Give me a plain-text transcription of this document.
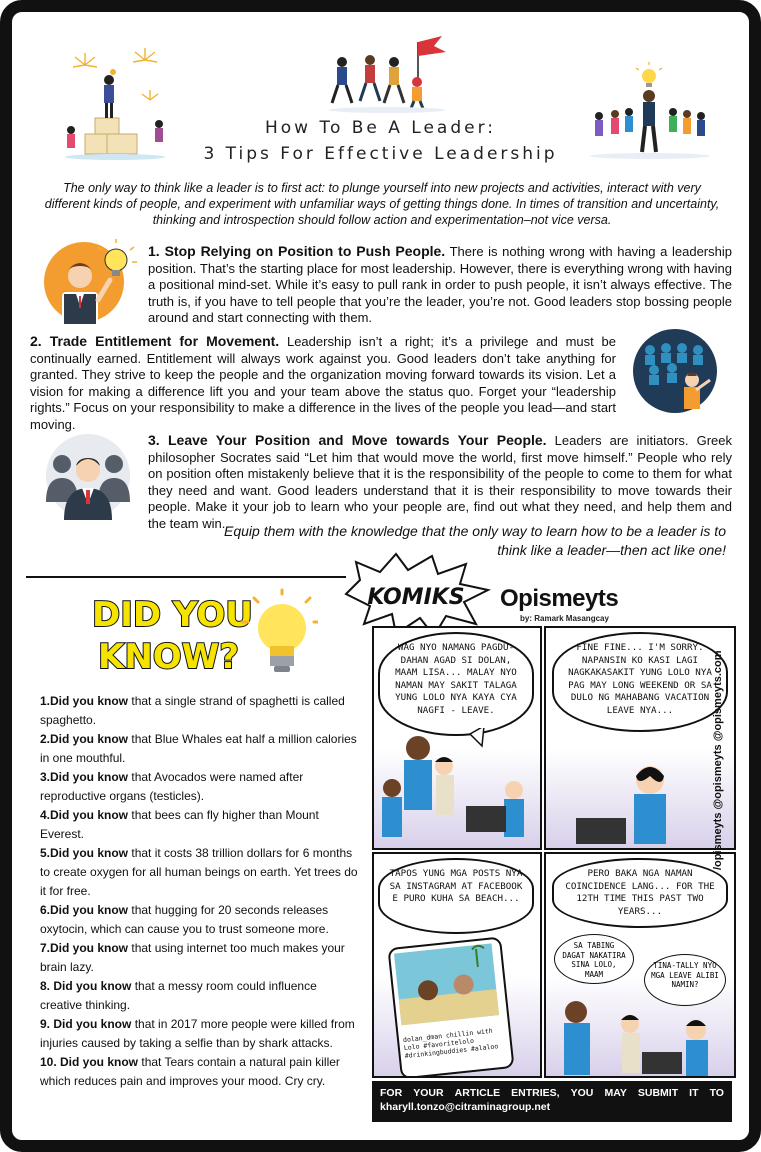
How To Be A Leader:
3 Tips For Effective Leadership
The only way to think like a leader is to first act: to plunge yourself into new projects and activities, interact with very different kinds of people, and experiment with unfamiliar ways of getting things done. In times of transition and uncertainty, thinking and introspection should follow action and experimentation–not vice versa.
1. Stop Relying on Position to Push People. There is nothing wrong with having a leadership position. That’s the starting place for most leadership. However, there is everything wrong with having a positional mind-set. While it’s easy to pull rank in order to push people, it isn’t always effective. The truth is, if you have to tell people that you’re the leader, you’re not. Good leaders stop bossing people around and start connecting with them.
2. Trade Entitlement for Movement. Leadership isn’t a right; it’s a privilege and must be continually earned. Entitlement will always work against you. Good leaders don’t take anything for granted. They strive to keep the people and the organization moving forward towards its vision. Let a vision for making a difference lift you and your team above the status quo. Forget your “leadership rights.” Focus on your responsibility to make a difference in the lives of the people you lead—and start moving.
3. Leave Your Position and Move towards Your People. Leaders are initiators. Greek philosopher Socrates said “Let him that would move the world, first move himself.” People who rely on position often mistakenly believe that it is the responsibility of the people to come to them for what they need and want. Good leaders understand that it is their responsibility to move towards their people. Make it your job to learn who your people are, find out what they need, and help them and the team win.
Equip them with the knowledge that the only way to learn how to be a leader is to think like a leader—then act like one!
DID YOU
KNOW?
1.Did you know that a single strand of spaghetti is called spaghetto.
2.Did you know that Blue Whales eat half a million calories in one mouthful.
3.Did you know that Avocados were named after reproductive organs (testicles).
4.Did you know that bees can fly higher than Mount Everest.
5.Did you know that it costs 38 trillion dollars for 6 months to create oxygen for all human beings on earth. Yet trees do it for free.
6.Did you know that hugging for 20 seconds releases oxytocin, which can cause you to trust someone more.
7.Did you know that using internet too much makes your brain lazy.
8. Did you know that a messy room could influence creative thinking.
9. Did you know that in 2017 more people were killed from injuries caused by taking a selfie than by shark attacks.
10. Did you know that Tears contain a natural pain killer which reduces pain and improves your mood. Cry cry.
KOMIKS Opismeyts
by: Ramark Masangcay
WAG NYO NAMANG PAGDU-DAHAN AGAD SI DOLAN, MAAM LISA... MALAY NYO NAMAN MAY SAKIT TALAGA YUNG LOLO NYA KAYA CYA NAGFI - LEAVE.
FINE FINE... I'M SORRY. NAPANSIN KO KASI LAGI NAGKAKASAKIT YUNG LOLO NYA PAG MAY LONG WEEKEND OR SA DULO NG MAHABANG VACATION LEAVE NYA...
TAPOS YUNG MGA POSTS NYA SA INSTAGRAM AT FACEBOOK E PURO KUHA SA BEACH...
dolan_dman chillin with Lolo #favoritelolo #drinkingbuddies #alaloo
PERO BAKA NGA NAMAN COINCIDENCE LANG... FOR THE 12TH TIME THIS PAST TWO YEARS...
SA TABING DAGAT NAKATIRA SINA LOLO, MAAM
TINA-TALLY NYO MGA LEAVE ALIBI NAMIN?
/opismeyts @opismeyts @opismeyts.com
FOR YOUR ARTICLE ENTRIES, YOU MAY SUBMIT IT TO
kharyll.tonzo@citraminagroup.net
